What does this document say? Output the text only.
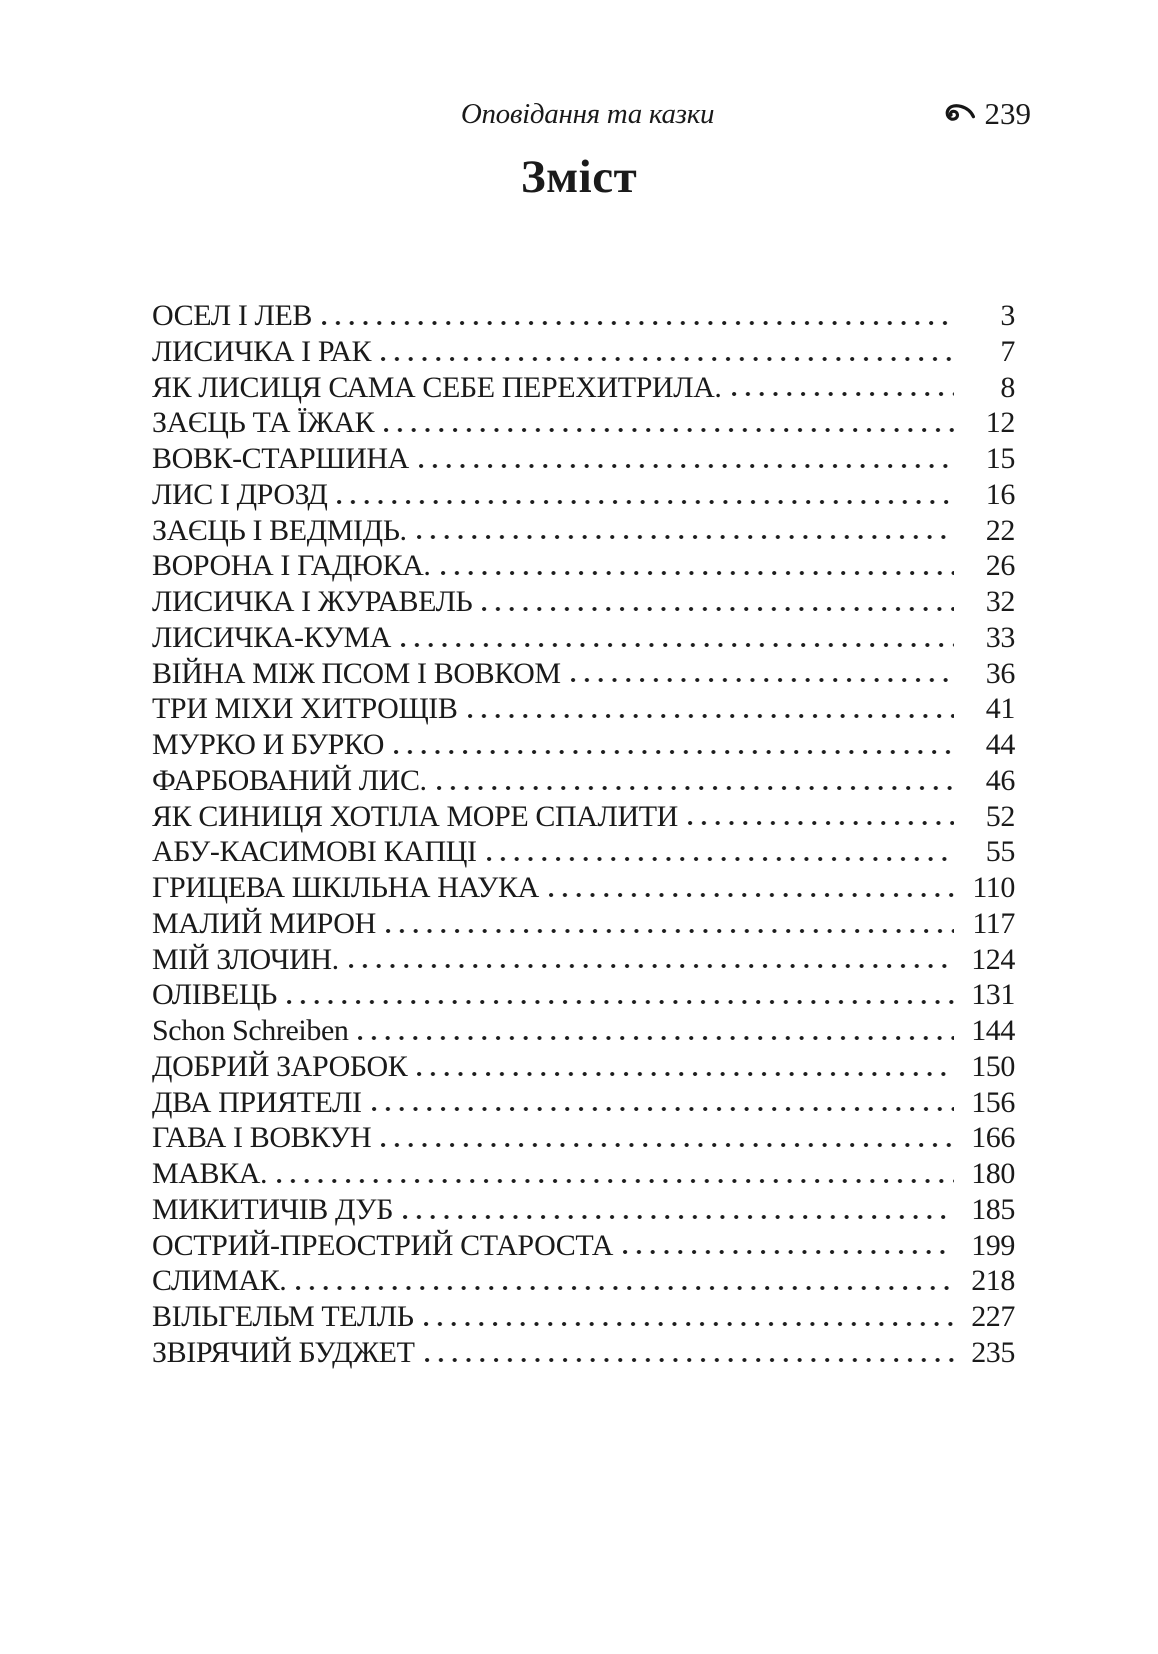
Оповідання та казки	239
Зміст
ОСЕЛ І ЛЕВ	3
ЛИСИЧКА І РАК	7
ЯК ЛИСИЦЯ САМА СЕБЕ ПЕРЕХИТРИЛА.	8
ЗАЄЦЬ ТА ЇЖАК	12
ВОВК-СТАРШИНА	15
ЛИС І ДРОЗД	16
ЗАЄЦЬ І ВЕДМІДЬ.	22
ВОРОНА І ГАДЮКА.	26
ЛИСИЧКА І ЖУРАВЕЛЬ	32
ЛИСИЧКА-КУМА	33
ВІЙНА МІЖ ПСОМ І ВОВКОМ	36
ТРИ МІХИ ХИТРОЩІВ	41
МУРКО И БУРКО	44
ФАРБОВАНИЙ ЛИС.	46
ЯК СИНИЦЯ ХОТІЛА МОРЕ СПАЛИТИ	52
АБУ-КАСИМОВІ КАПЦІ	55
ГРИЦЕВА ШКІЛЬНА НАУКА	110
МАЛИЙ МИРОН	117
МІЙ ЗЛОЧИН.	124
ОЛІВЕЦЬ	131
Schon Schreiben	144
ДОБРИЙ ЗАРОБОК	150
ДВА ПРИЯТЕЛІ	156
ГАВА І ВОВКУН	166
МАВКА.	180
МИКИТИЧІВ ДУБ	185
ОСТРИЙ-ПРЕОСТРИЙ СТАРОСТА	199
СЛИМАК.	218
ВІЛЬГЕЛЬМ ТЕЛЛЬ	227
ЗВІРЯЧИЙ БУДЖЕТ	235
